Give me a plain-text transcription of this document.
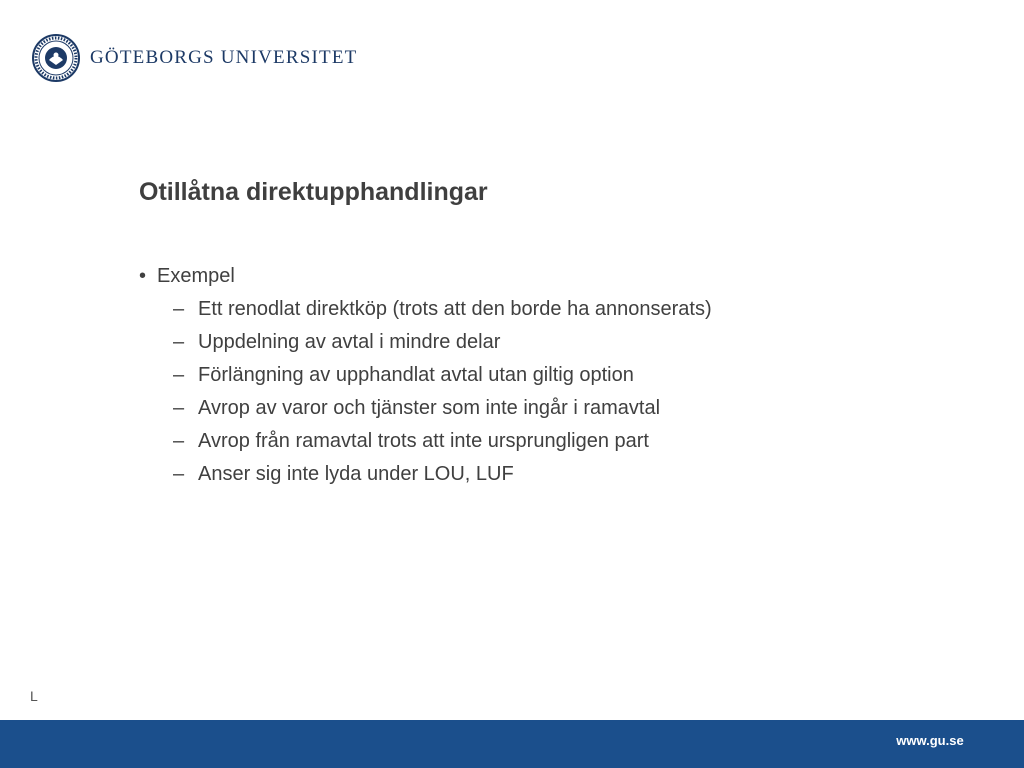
GÖTEBORGS UNIVERSITET
Otillåtna direktupphandlingar
• Exempel
– Ett renodlat direktköp (trots att den borde ha annonserats)
– Uppdelning av avtal i mindre delar
– Förlängning av upphandlat avtal utan giltig option
– Avrop av varor och tjänster som inte ingår i ramavtal
– Avrop från ramavtal trots att inte ursprungligen part
– Anser sig inte lyda under LOU, LUF
L
www.gu.se
